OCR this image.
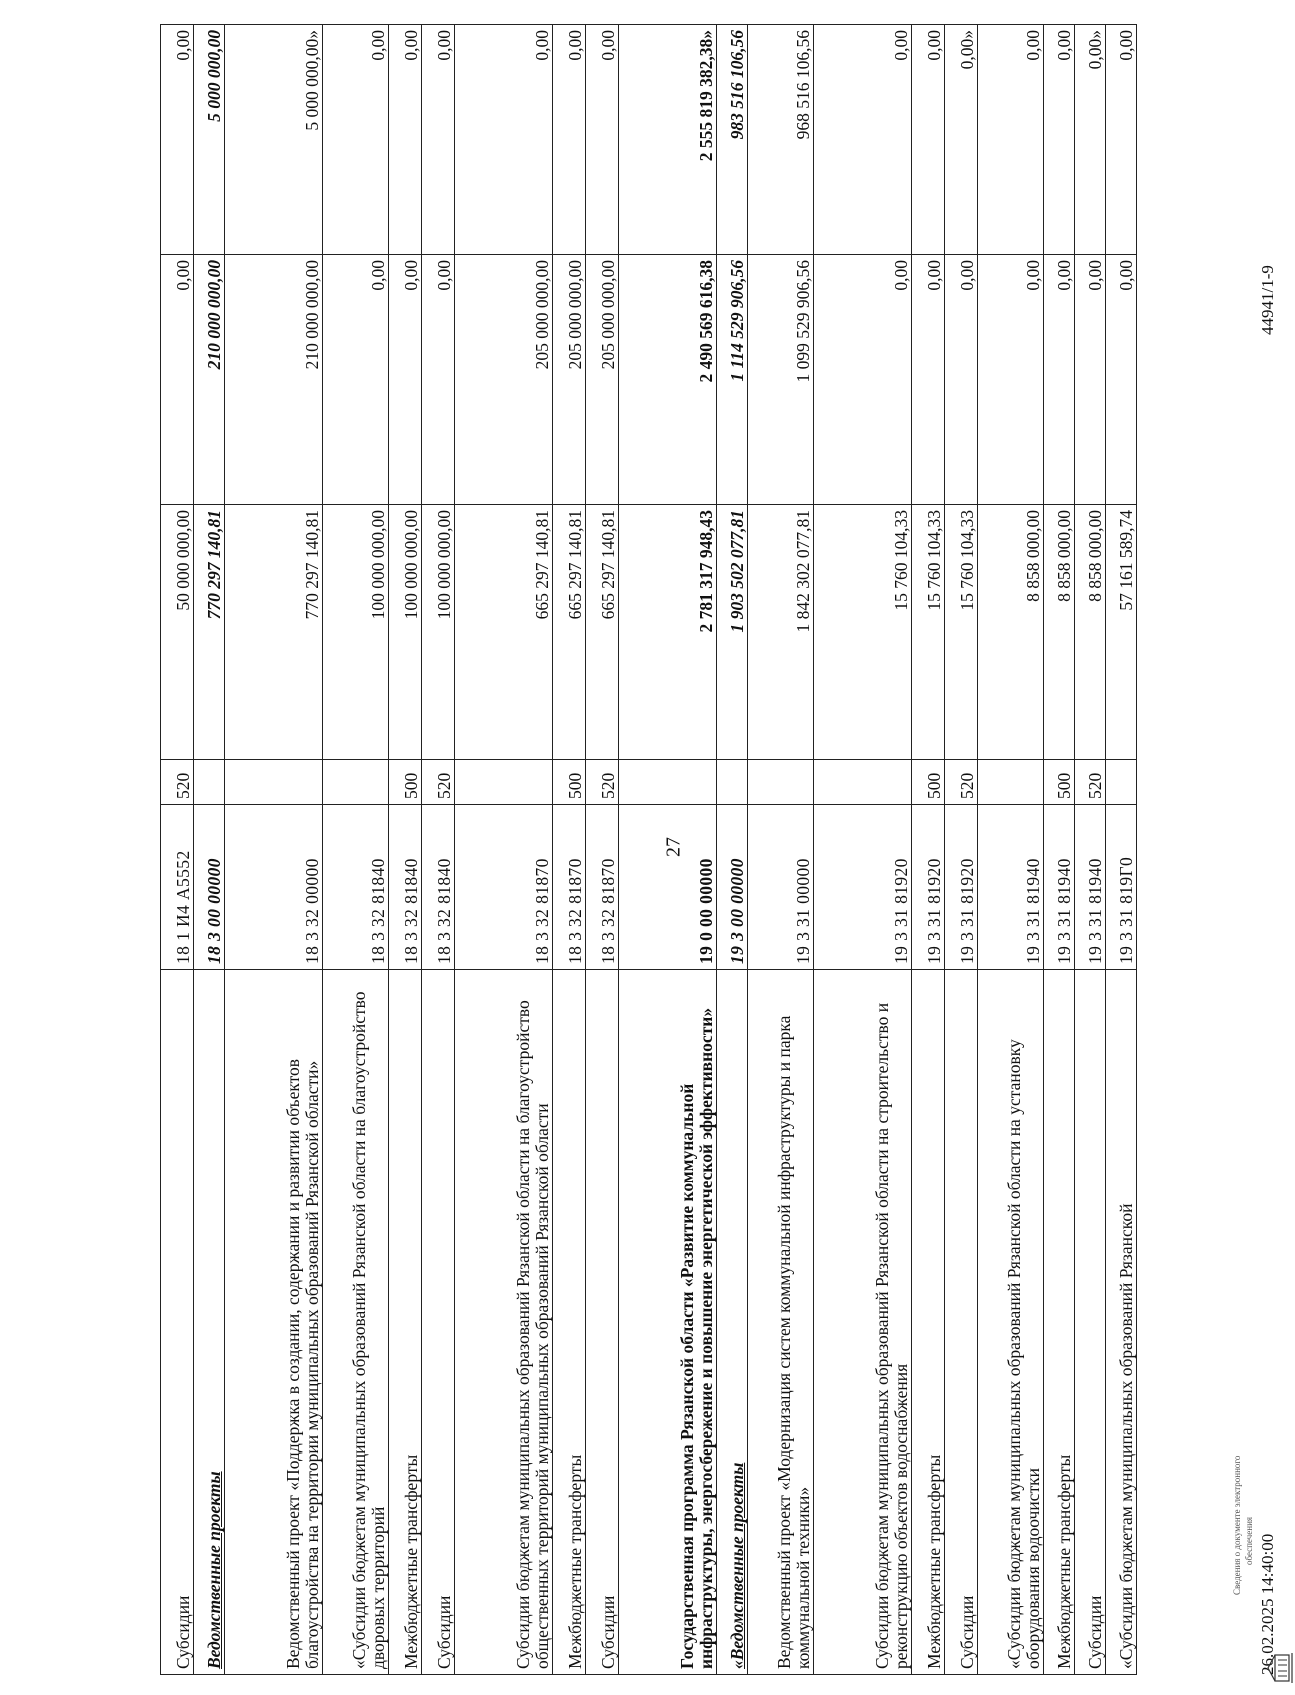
27
Субсидии	18 1 И4 А5552	520	50 000 000,00	0,00	0,00
Ведомственные проекты	18 3 00 00000		770 297 140,81	210 000 000,00	5 000 000,00
Ведомственный проект «Поддержка в создании, содержании и развитии объектов благоустройства на территории муниципальных образований Рязанской области»	18 3 32 00000		770 297 140,81	210 000 000,00	5 000 000,00»
«Субсидии бюджетам муниципальных образований Рязанской области на благоустройство дворовых территорий	18 3 32 81840		100 000 000,00	0,00	0,00
Межбюджетные трансферты	18 3 32 81840	500	100 000 000,00	0,00	0,00
Субсидии	18 3 32 81840	520	100 000 000,00	0,00	0,00
Субсидии бюджетам муниципальных образований Рязанской области на благоустройство общественных территорий муниципальных образований Рязанской области	18 3 32 81870		665 297 140,81	205 000 000,00	0,00
Межбюджетные трансферты	18 3 32 81870	500	665 297 140,81	205 000 000,00	0,00
Субсидии	18 3 32 81870	520	665 297 140,81	205 000 000,00	0,00
Государственная программа Рязанской области «Развитие коммунальной инфраструктуры, энергосбережение и повышение энергетической эффективности»	19 0 00 00000		2 781 317 948,43	2 490 569 616,38	2 555 819 382,38»
«Ведомственные проекты	19 3 00 00000		1 903 502 077,81	1 114 529 906,56	983 516 106,56
Ведомственный проект «Модернизация систем коммунальной инфраструктуры и парка коммунальной техники»	19 3 31 00000		1 842 302 077,81	1 099 529 906,56	968 516 106,56
Субсидии бюджетам муниципальных образований Рязанской области на строительство и реконструкцию объектов водоснабжения	19 3 31 81920		15 760 104,33	0,00	0,00
Межбюджетные трансферты	19 3 31 81920	500	15 760 104,33	0,00	0,00
Субсидии	19 3 31 81920	520	15 760 104,33	0,00	0,00»
«Субсидии бюджетам муниципальных образований Рязанской области на установку оборудования водоочистки	19 3 31 81940		8 858 000,00	0,00	0,00
Межбюджетные трансферты	19 3 31 81940	500	8 858 000,00	0,00	0,00
Субсидии	19 3 31 81940	520	8 858 000,00	0,00	0,00»
«Субсидии бюджетам муниципальных образований Рязанской	19 3 31 819Г0		57 161 589,74	0,00	0,00
26.02.2025 14:40:00
44941/1-9
Сведения о документе электронного обеспечения
